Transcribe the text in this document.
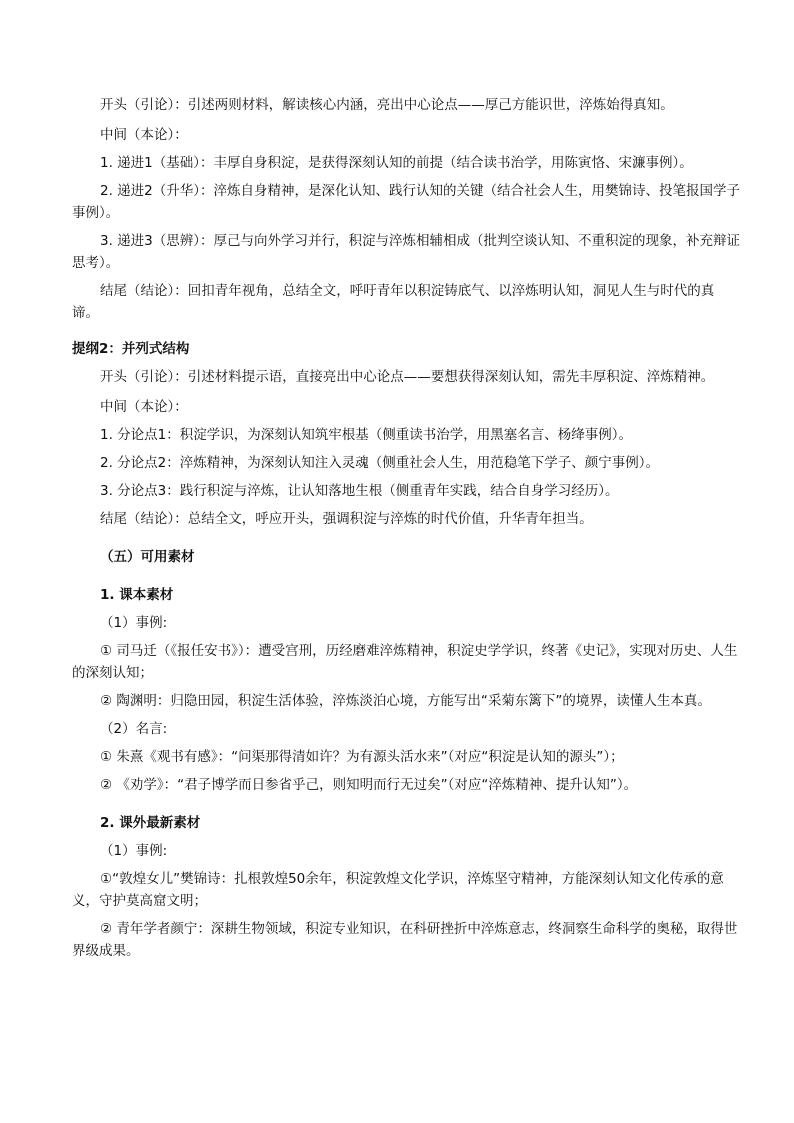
开头（引论）：引述两则材料，解读核心内涵，亮出中心论点——厚己方能识世，淬炼始得真知。

中间（本论）：

1. 递进1（基础）：丰厚自身积淀，是获得深刻认知的前提（结合读书治学，用陈寅恪、宋濂事例）。

2. 递进2（升华）：淬炼自身精神，是深化认知、践行认知的关键（结合社会人生，用樊锦诗、投笔报国学子事例）。

3. 递进3（思辨）：厚己与向外学习并行，积淀与淬炼相辅相成（批判空谈认知、不重积淀的现象，补充辩证思考）。

结尾（结论）：回扣青年视角，总结全文，呼吁青年以积淀铸底气、以淬炼明认知，洞见人生与时代的真谛。

提纲2：并列式结构

开头（引论）：引述材料提示语，直接亮出中心论点——要想获得深刻认知，需先丰厚积淀、淬炼精神。

中间（本论）：

1. 分论点1：积淀学识，为深刻认知筑牢根基（侧重读书治学，用黑塞名言、杨绛事例）。

2. 分论点2：淬炼精神，为深刻认知注入灵魂（侧重社会人生，用范稳笔下学子、颜宁事例）。

3. 分论点3：践行积淀与淬炼，让认知落地生根（侧重青年实践，结合自身学习经历）。

结尾（结论）：总结全文，呼应开头，强调积淀与淬炼的时代价值，升华青年担当。

（五）可用素材

1. 课本素材

（1）事例:

① 司马迁（《报任安书》）：遭受宫刑，历经磨难淬炼精神，积淀史学学识，终著《史记》，实现对历史、人生的深刻认知；

② 陶渊明：归隐田园，积淀生活体验，淬炼淡泊心境，方能写出“采菊东篱下”的境界，读懂人生本真。

（2）名言:

① 朱熹《观书有感》：“问渠那得清如许？为有源头活水来”（对应“积淀是认知的源头”）；

② 《劝学》：“君子博学而日参省乎己，则知明而行无过矣”（对应“淬炼精神、提升认知”）。

2. 课外最新素材

（1）事例:

①“敦煌女儿”樊锦诗：扎根敦煌50余年，积淀敦煌文化学识，淬炼坚守精神，方能深刻认知文化传承的意义，守护莫高窟文明；

② 青年学者颜宁：深耕生物领域，积淀专业知识，在科研挫折中淬炼意志，终洞察生命科学的奥秘，取得世界级成果。
